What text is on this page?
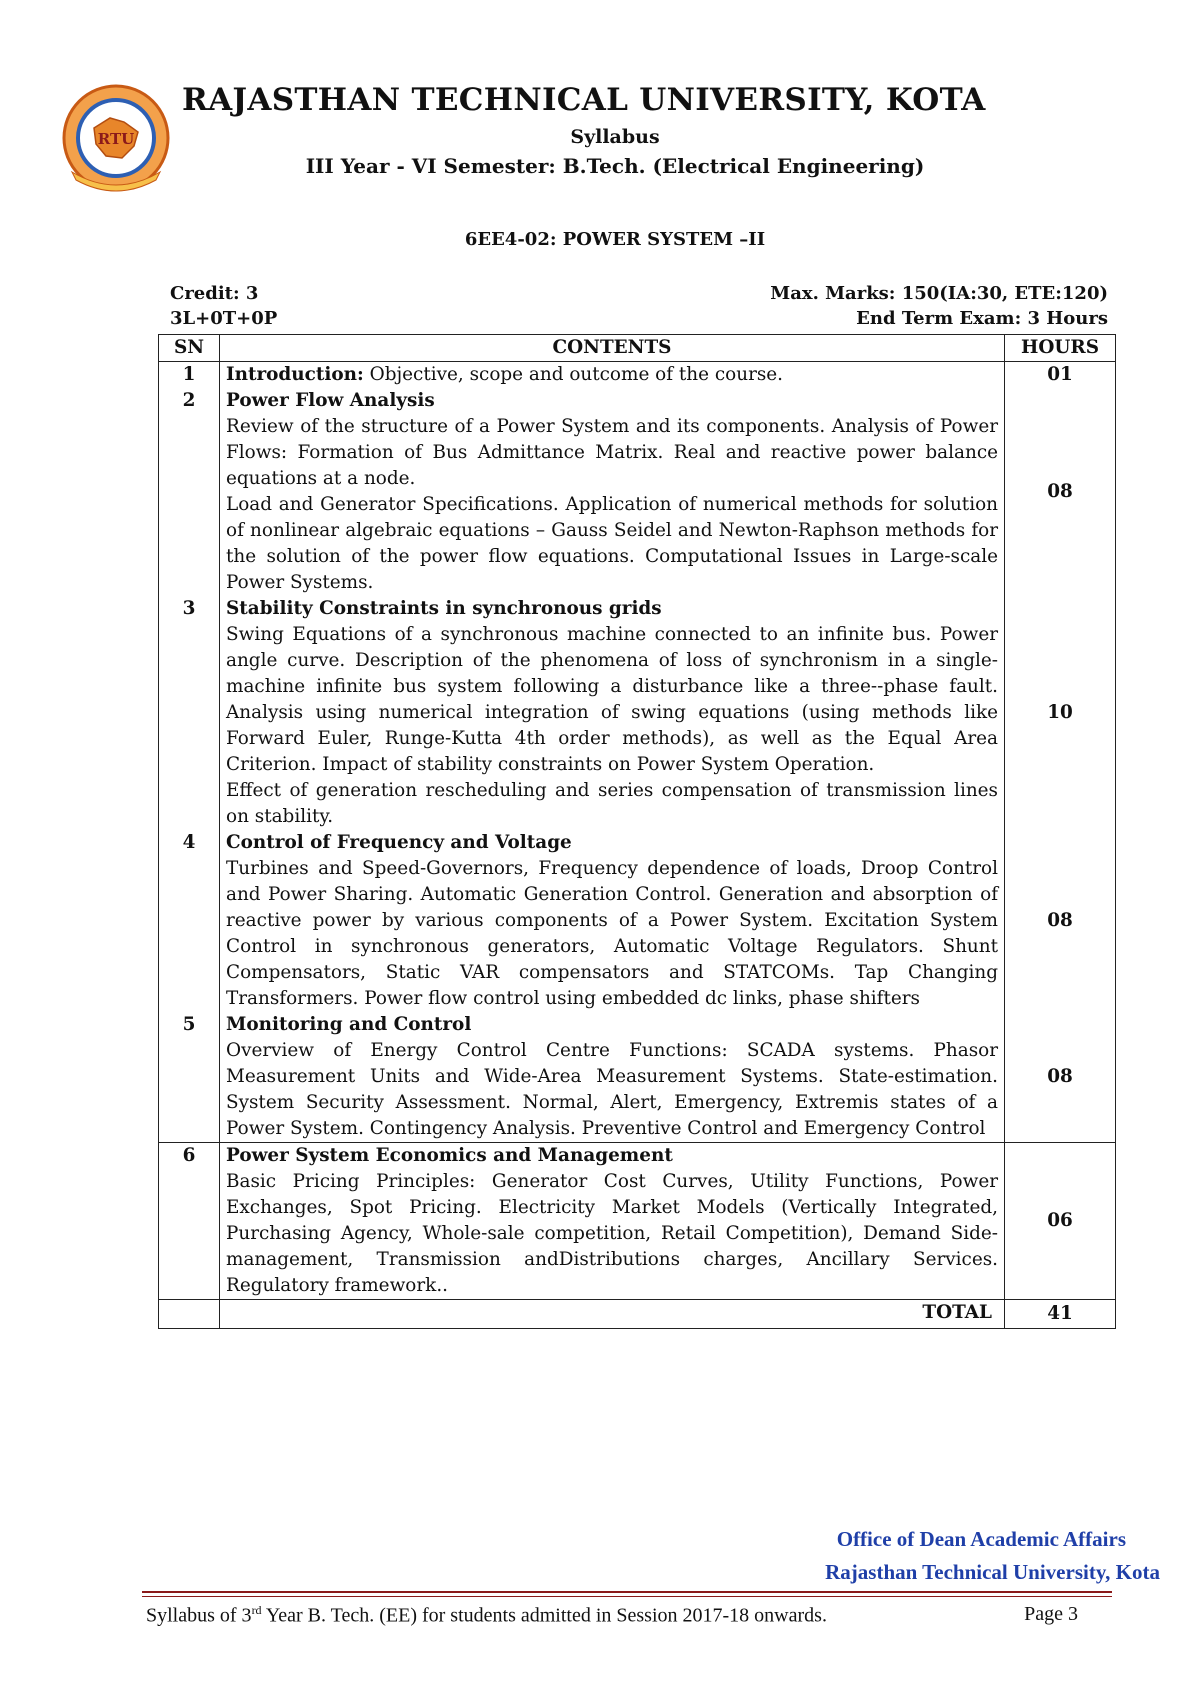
RTU
RAJASTHAN TECHNICAL UNIVERSITY, KOTA
Syllabus
III Year - VI Semester: B.Tech. (Electrical Engineering)
6EE4-02: POWER SYSTEM –II
Credit: 3	Max. Marks: 150(IA:30, ETE:120)
3L+0T+0P	End Term Exam: 3 Hours
SN	CONTENTS	HOURS
1	Introduction: Objective, scope and outcome of the course.	01
2	Power Flow Analysis
Review of the structure of a Power System and its components. Analysis of Power Flows: Formation of Bus Admittance Matrix. Real and reactive power balance equations at a node.
Load and Generator Specifications. Application of numerical methods for solution of nonlinear algebraic equations – Gauss Seidel and Newton-Raphson methods for the solution of the power flow equations. Computational Issues in Large-scale Power Systems.	08
3	Stability Constraints in synchronous grids
Swing Equations of a synchronous machine connected to an infinite bus. Power angle curve. Description of the phenomena of loss of synchronism in a single-machine infinite bus system following a disturbance like a three--phase fault. Analysis using numerical integration of swing equations (using methods like Forward Euler, Runge-Kutta 4th order methods), as well as the Equal Area Criterion. Impact of stability constraints on Power System Operation.
Effect of generation rescheduling and series compensation of transmission lines on stability.	10
4	Control of Frequency and Voltage
Turbines and Speed-Governors, Frequency dependence of loads, Droop Control and Power Sharing. Automatic Generation Control. Generation and absorption of reactive power by various components of a Power System. Excitation System Control in synchronous generators, Automatic Voltage Regulators. Shunt Compensators, Static VAR compensators and STATCOMs. Tap Changing Transformers. Power flow control using embedded dc links, phase shifters	08
5	Monitoring and Control
Overview of Energy Control Centre Functions: SCADA systems. Phasor Measurement Units and Wide-Area Measurement Systems. State-estimation. System Security Assessment. Normal, Alert, Emergency, Extremis states of a Power System. Contingency Analysis. Preventive Control and Emergency Control	08
6	Power System Economics and Management
Basic Pricing Principles: Generator Cost Curves, Utility Functions, Power Exchanges, Spot Pricing. Electricity Market Models (Vertically Integrated, Purchasing Agency, Whole-sale competition, Retail Competition), Demand Side-management, Transmission andDistributions charges, Ancillary Services. Regulatory framework..	06
	TOTAL	41
Office of Dean Academic Affairs
Rajasthan Technical University, Kota
Syllabus of 3rd Year B. Tech. (EE) for students admitted in Session 2017-18 onwards.	Page 3
